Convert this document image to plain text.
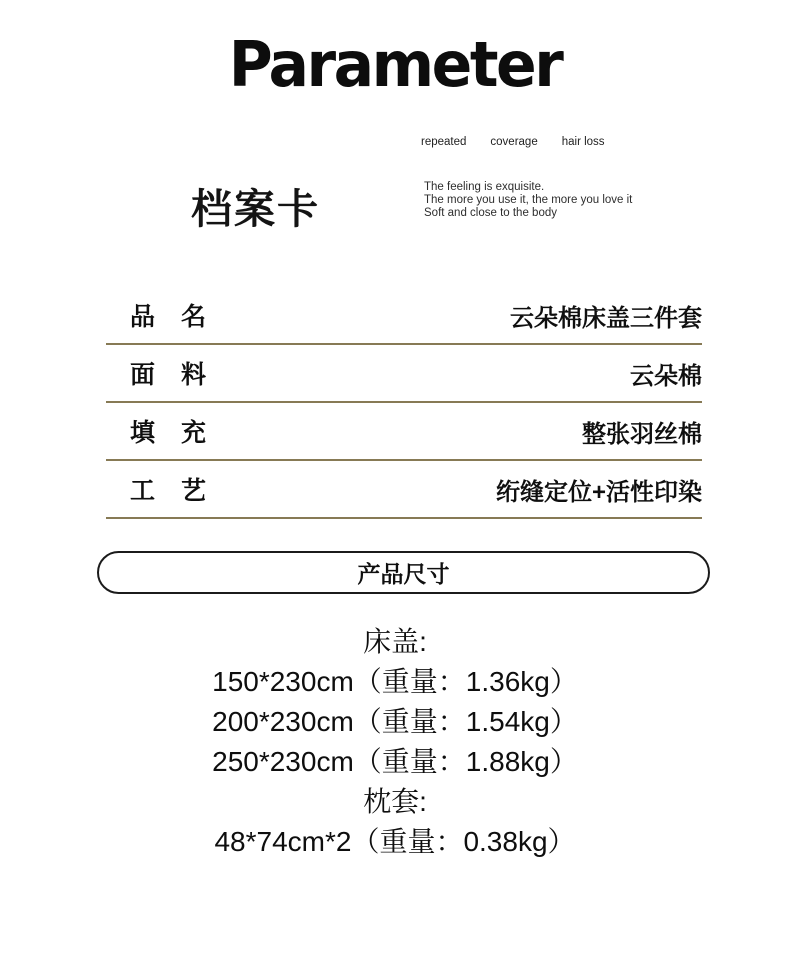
Parameter
repeated coverage hair loss
档案卡	The feeling is exquisite.
The more you use it, the more you love it
Soft and close to the body
品名	云朵棉床盖三件套
面料	云朵棉
填充	整张羽丝棉
工艺	绗缝定位+活性印染
产品尺寸
床盖:
150*230cm（重量：1.36kg）
200*230cm（重量：1.54kg）
250*230cm（重量：1.88kg）
枕套:
48*74cm*2（重量：0.38kg）
